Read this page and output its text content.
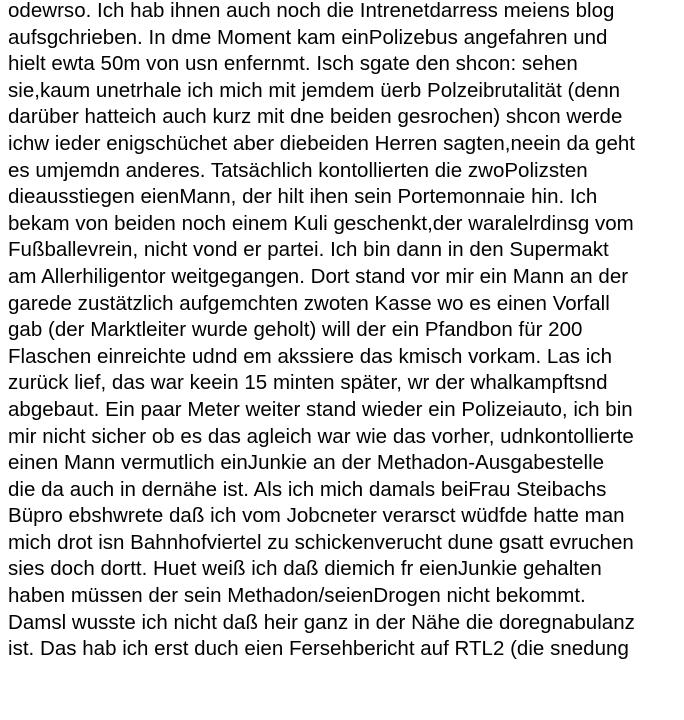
odewrso. Ich hab ihnen auch noch die Intrenetdarress meiens blog
aufsgchrieben. In dme Moment kam einPolizebus angefahren und
hielt ewta 50m von usn enfernmt. Isch sgate den shcon: sehen
sie,kaum unetrhale ich mich mit jemdem üerb Polzeibrutalität (denn
darüber hatteich auch kurz mit dne beiden gesrochen) shcon werde
ichw ieder enigschüchet aber diebeiden Herren sagten,neein da geht
es umjemdn anderes. Tatsächlich kontollierten die zwoPolizsten
dieausstiegen eienMann, der hilt ihen sein Portemonnaie hin. Ich
bekam von beiden noch einem Kuli geschenkt,der waralelrdinsg vom
Fußballevrein, nicht vond er partei. Ich bin dann in den Supermakt
am Allerhiligentor weitgegangen. Dort stand vor mir ein Mann an der
garede zustätzlich aufgemchten zwoten Kasse wo es einen Vorfall
gab (der Marktleiter wurde geholt) will der ein Pfandbon für 200
Flaschen einreichte udnd em akssiere das kmisch vorkam. Las ich
zurück lief, das war keein 15 minten später, wr der whalkampftsnd
abgebaut. Ein paar Meter weiter stand wieder ein Polizeiauto, ich bin
mir nicht sicher ob es das agleich war wie das vorher, udnkontollierte
einen Mann vermutlich einJunkie an der Methadon-Ausgabestelle
die da auch in dernähe ist. Als ich mich damals beiFrau Steibachs
Büpro ebshwrete daß ich vom Jobcneter verarsct wüdfde hatte man
mich drot isn Bahnhofviertel zu schickenverucht dune gsatt evruchen
sies doch dortt. Huet weiß ich daß diemich fr eienJunkie gehalten
haben müssen der sein Methadon/seienDrogen nicht bekommt.
Damsl wusste ich nicht daß heir ganz in der Nähe die doregnabulanz
ist. Das hab ich erst duch eien Fersehbericht auf RTL2 (die snedung
